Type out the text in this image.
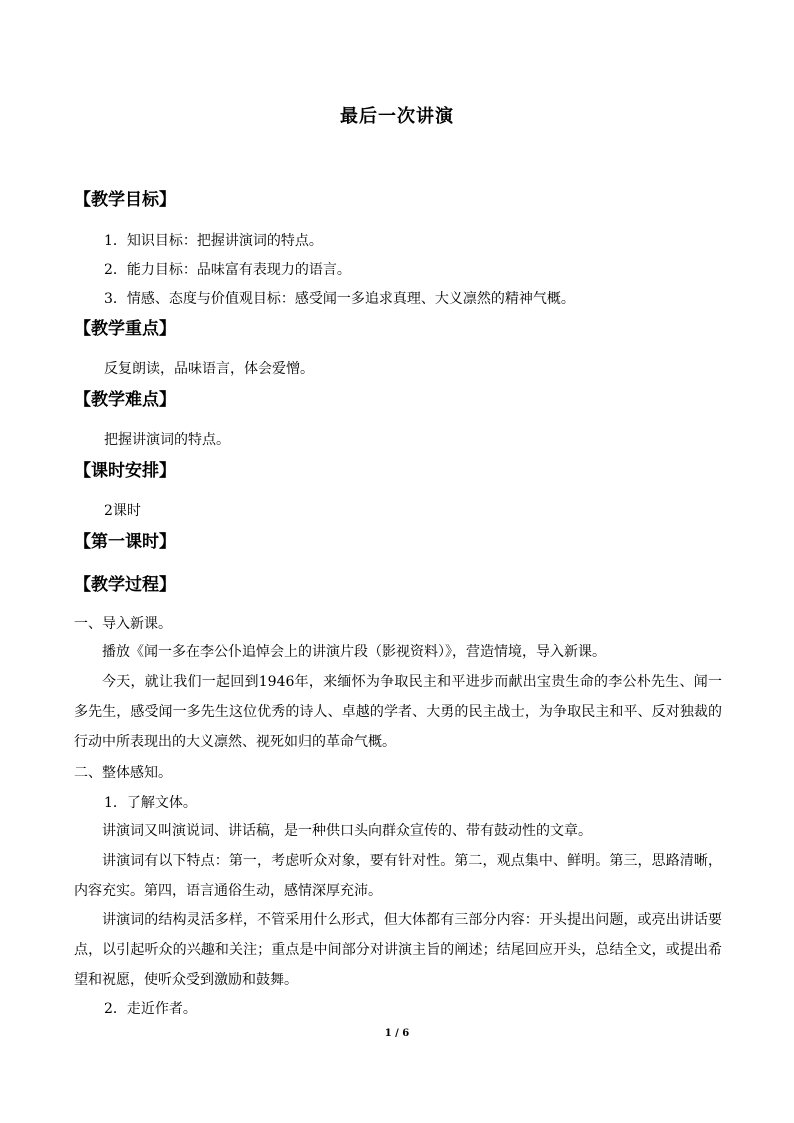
最后一次讲演
【教学目标】
1．知识目标：把握讲演词的特点。
2．能力目标：品味富有表现力的语言。
3．情感、态度与价值观目标：感受闻一多追求真理、大义凛然的精神气概。
【教学重点】
反复朗读，品味语言，体会爱憎。
【教学难点】
把握讲演词的特点。
【课时安排】
2课时
【第一课时】
【教学过程】
一、导入新课。
播放《闻一多在李公仆追悼会上的讲演片段（影视资料）》，营造情境，导入新课。
今天，就让我们一起回到1946年，来缅怀为争取民主和平进步而献出宝贵生命的李公朴先生、闻一多先生，感受闻一多先生这位优秀的诗人、卓越的学者、大勇的民主战士，为争取民主和平、反对独裁的行动中所表现出的大义凛然、视死如归的革命气概。
二、整体感知。
1．了解文体。
讲演词又叫演说词、讲话稿，是一种供口头向群众宣传的、带有鼓动性的文章。
讲演词有以下特点：第一，考虑听众对象，要有针对性。第二，观点集中、鲜明。第三，思路清晰，内容充实。第四，语言通俗生动，感情深厚充沛。
讲演词的结构灵活多样，不管采用什么形式，但大体都有三部分内容：开头提出问题，或亮出讲话要点，以引起听众的兴趣和关注；重点是中间部分对讲演主旨的阐述；结尾回应开头，总结全文，或提出希望和祝愿，使听众受到激励和鼓舞。
2．走近作者。
1 / 6
